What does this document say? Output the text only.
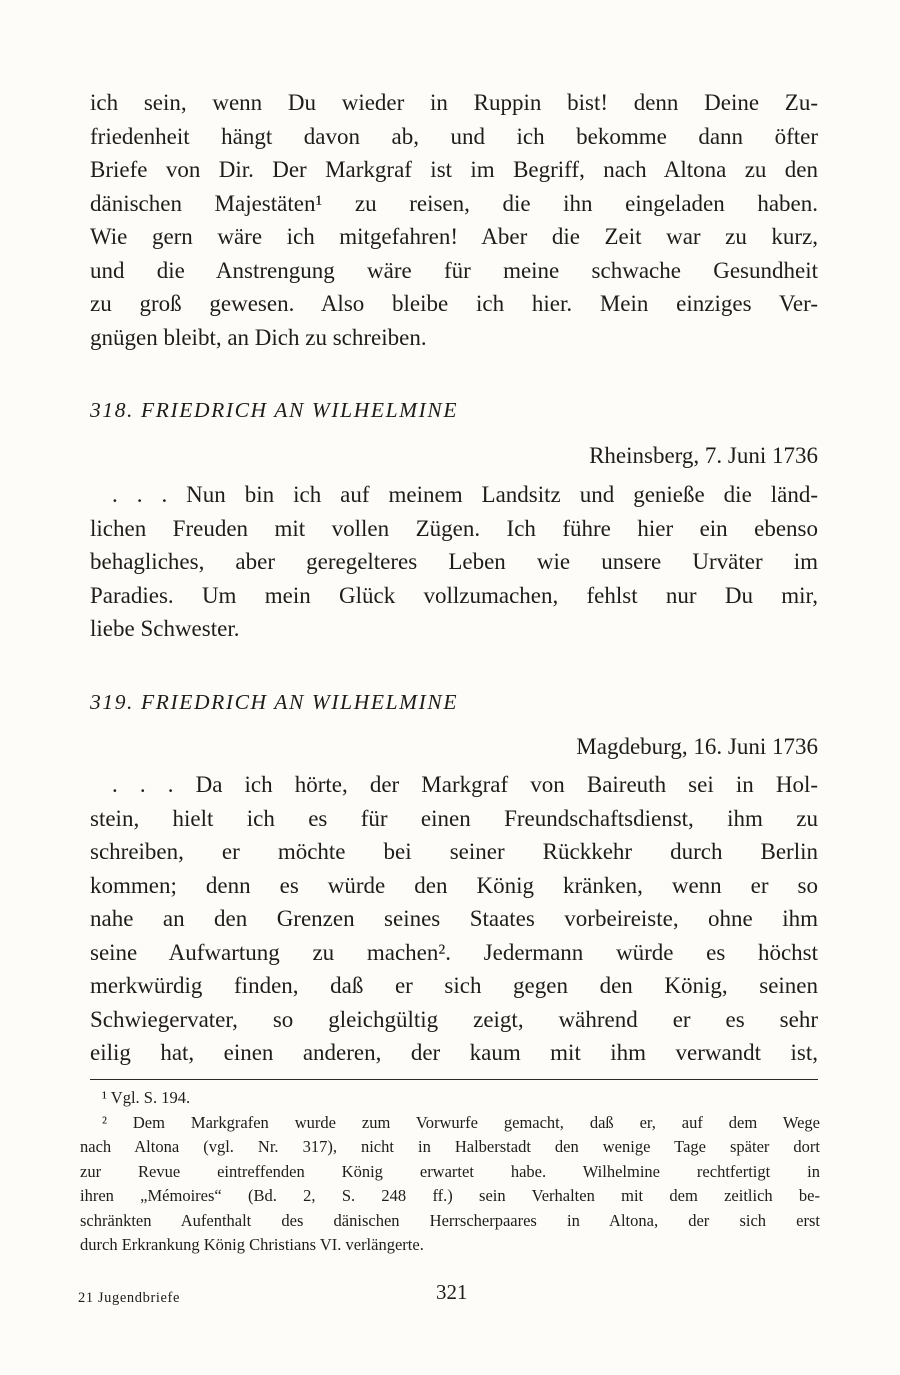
ich sein, wenn Du wieder in Ruppin bist! denn Deine Zu-
friedenheit hängt davon ab, und ich bekomme dann öfter
Briefe von Dir. Der Markgraf ist im Begriff, nach Altona zu den
dänischen Majestäten¹ zu reisen, die ihn eingeladen haben.
Wie gern wäre ich mitgefahren! Aber die Zeit war zu kurz,
und die Anstrengung wäre für meine schwache Gesundheit
zu groß gewesen. Also bleibe ich hier. Mein einziges Ver-
gnügen bleibt, an Dich zu schreiben.
318. FRIEDRICH AN WILHELMINE
Rheinsberg, 7. Juni 1736
. . . Nun bin ich auf meinem Landsitz und genieße die länd-
lichen Freuden mit vollen Zügen. Ich führe hier ein ebenso
behagliches, aber geregelteres Leben wie unsere Urväter im
Paradies. Um mein Glück vollzumachen, fehlst nur Du mir,
liebe Schwester.
319. FRIEDRICH AN WILHELMINE
Magdeburg, 16. Juni 1736
. . . Da ich hörte, der Markgraf von Baireuth sei in Hol-
stein, hielt ich es für einen Freundschaftsdienst, ihm zu
schreiben, er möchte bei seiner Rückkehr durch Berlin
kommen; denn es würde den König kränken, wenn er so
nahe an den Grenzen seines Staates vorbeireiste, ohne ihm
seine Aufwartung zu machen². Jedermann würde es höchst
merkwürdig finden, daß er sich gegen den König, seinen
Schwiegervater, so gleichgültig zeigt, während er es sehr
eilig hat, einen anderen, der kaum mit ihm verwandt ist,
¹ Vgl. S. 194.
² Dem Markgrafen wurde zum Vorwurfe gemacht, daß er, auf dem Wege
nach Altona (vgl. Nr. 317), nicht in Halberstadt den wenige Tage später dort
zur Revue eintreffenden König erwartet habe. Wilhelmine rechtfertigt in
ihren „Mémoires“ (Bd. 2, S. 248 ff.) sein Verhalten mit dem zeitlich be-
schränkten Aufenthalt des dänischen Herrscherpaares in Altona, der sich erst
durch Erkrankung König Christians VI. verlängerte.
21 Jugendbriefe	321
